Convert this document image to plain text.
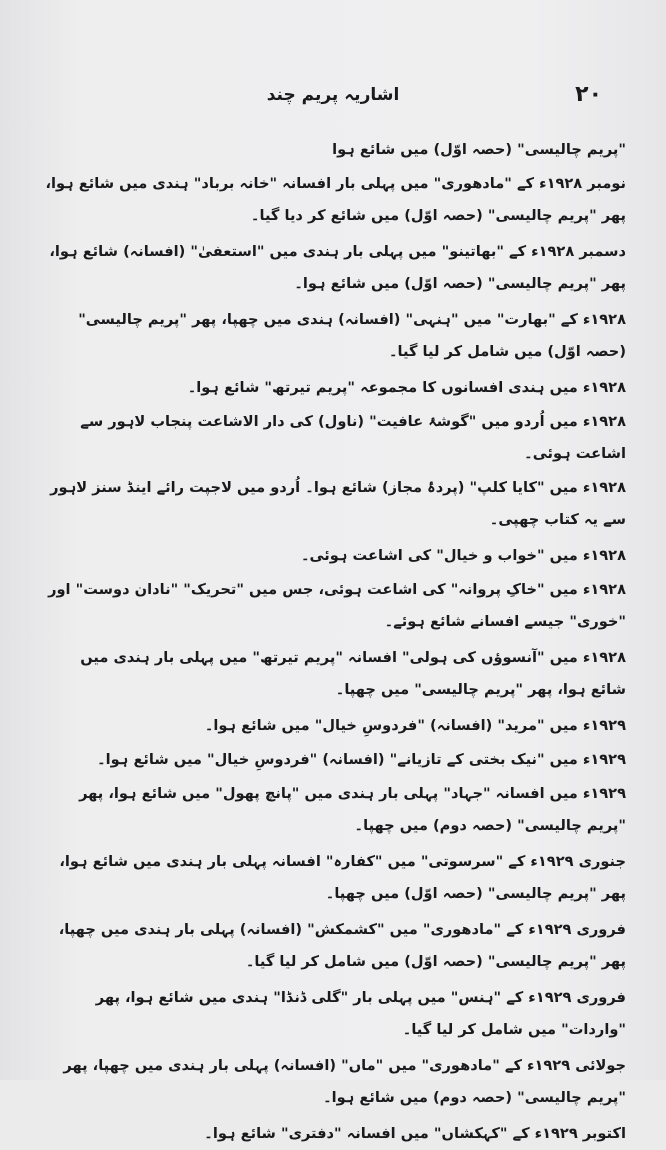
۲۰
اشاریہ پریم چند

"پریم چالیسی" (حصہ اوّل) میں شائع ہوا

نومبر ۱۹۲۸ء کے "مادھوری" میں پہلی بار افسانہ "خانہ برباد" ہندی میں شائع ہوا، پھر "پریم چالیسی" (حصہ اوّل) میں شائع کر دیا گیا۔

دسمبر ۱۹۲۸ء کے "بھاتینو" میں پہلی بار ہندی میں "استعفیٰ" (افسانہ) شائع ہوا، پھر "پریم چالیسی" (حصہ اوّل) میں شائع ہوا۔

۱۹۲۸ء کے "بھارت" میں "ہنہی" (افسانہ) ہندی میں چھپا، پھر "پریم چالیسی" (حصہ اوّل) میں شامل کر لیا گیا۔

۱۹۲۸ء میں ہندی افسانوں کا مجموعہ "پریم تیرتھ" شائع ہوا۔

۱۹۲۸ء میں اُردو میں "گوشۂ عافیت" (ناول) کی دار الاشاعت پنجاب لاہور سے اشاعت ہوئی۔

۱۹۲۸ء میں "کایا کلپ" (پردۂ مجاز) شائع ہوا۔ اُردو میں لاجپت رائے اینڈ سنز لاہور سے یہ کتاب چھپی۔

۱۹۲۸ء میں "خواب و خیال" کی اشاعت ہوئی۔

۱۹۲۸ء میں "خاکِ پروانہ" کی اشاعت ہوئی، جس میں "تحریک" "نادان دوست" اور "خوری" جیسے افسانے شائع ہوئے۔

۱۹۲۸ء میں "آنسوؤں کی ہولی" افسانہ "پریم تیرتھ" میں پہلی بار ہندی میں شائع ہوا، پھر "پریم چالیسی" میں چھپا۔

۱۹۲۹ء میں "مرید" (افسانہ) "فردوسِ خیال" میں شائع ہوا۔

۱۹۲۹ء میں "نیک بختی کے تازیانے" (افسانہ) "فردوسِ خیال" میں شائع ہوا۔

۱۹۲۹ء میں افسانہ "جہاد" پہلی بار ہندی میں "پانچ پھول" میں شائع ہوا، پھر "پریم چالیسی" (حصہ دوم) میں چھپا۔

جنوری ۱۹۲۹ء کے "سرسوتی" میں "کفارہ" افسانہ پہلی بار ہندی میں شائع ہوا، پھر "پریم چالیسی" (حصہ اوّل) میں چھپا۔

فروری ۱۹۲۹ء کے "مادھوری" میں "کشمکش" (افسانہ) پہلی بار ہندی میں چھپا، پھر "پریم چالیسی" (حصہ اوّل) میں شامل کر لیا گیا۔

فروری ۱۹۲۹ء کے "ہنس" میں پہلی بار "گلی ڈنڈا" ہندی میں شائع ہوا، پھر "واردات" میں شامل کر لیا گیا۔

جولائی ۱۹۲۹ء کے "مادھوری" میں "ماں" (افسانہ) پہلی بار ہندی میں چھپا، پھر "پریم چالیسی" (حصہ دوم) میں شائع ہوا۔

اکتوبر ۱۹۲۹ء کے "کہکشاں" میں افسانہ "دفتری" شائع ہوا۔
